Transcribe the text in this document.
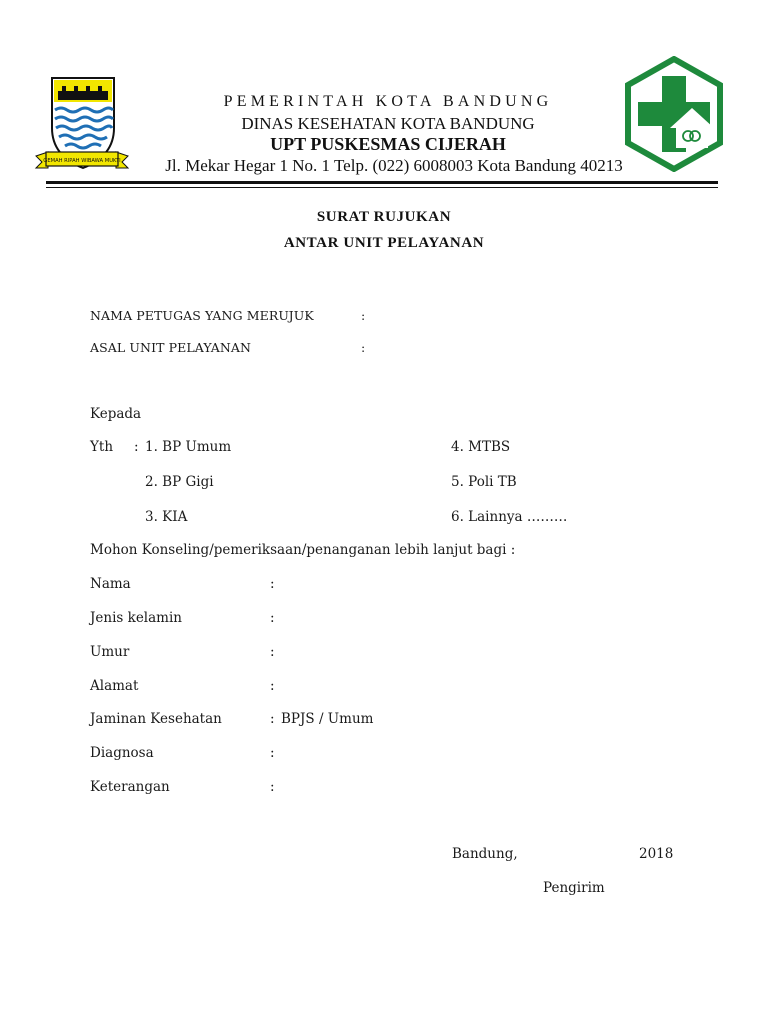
GEMAH RIPAH WIBAWA MUKTI
PEMERINTAH KOTA BANDUNG
DINAS KESEHATAN KOTA BANDUNG
UPT PUSKESMAS CIJERAH
Jl. Mekar Hegar 1 No. 1 Telp. (022) 6008003 Kota Bandung 40213
SURAT RUJUKAN
ANTAR UNIT PELAYANAN
NAMA PETUGAS YANG MERUJUK	:
ASAL UNIT PELAYANAN	:
Kepada
Yth : 1. BP Umum
2. BP Gigi
3. KIA
4. MTBS
5. Poli TB
6. Lainnya ………
Mohon Konseling/pemeriksaan/penanganan lebih lanjut bagi :
Nama	:
Jenis kelamin	:
Umur	:
Alamat	:
Jaminan Kesehatan	: BPJS / Umum
Diagnosa	:
Keterangan	:
Bandung,	2018
Pengirim
